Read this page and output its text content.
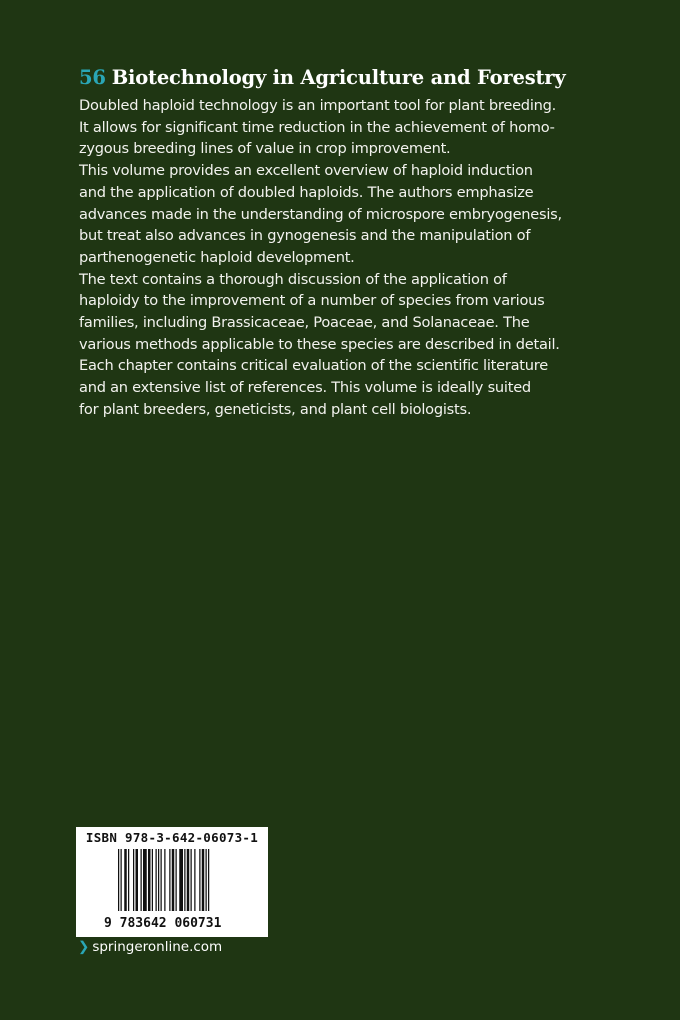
56 Biotechnology in Agriculture and Forestry
Doubled haploid technology is an important tool for plant breeding.
It allows for significant time reduction in the achievement of homo-
zygous breeding lines of value in crop improvement.
This volume provides an excellent overview of haploid induction
and the application of doubled haploids. The authors emphasize
advances made in the understanding of microspore embryogenesis,
but treat also advances in gynogenesis and the manipulation of
parthenogenetic haploid development.
The text contains a thorough discussion of the application of
haploidy to the improvement of a number of species from various
families, including Brassicaceae, Poaceae, and Solanaceae. The
various methods applicable to these species are described in detail.
Each chapter contains critical evaluation of the scientific literature
and an extensive list of references. This volume is ideally suited
for plant breeders, geneticists, and plant cell biologists.
ISBN 978-3-642-06073-1
9 783642 060731
❯ springeronline.com
